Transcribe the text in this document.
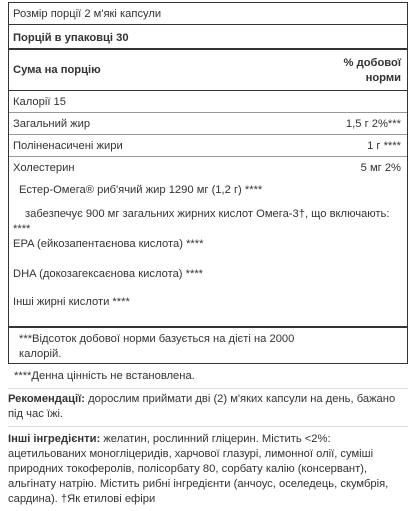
Розмір порції 2 м'які капсули
Порцій в упаковці 30
Сума на порцію
% добової
норми
Калорії 15
Загальний жир	1,5 г 2%***
Поліненасичені жири	1 г ****
Холестерин	5 мг 2%
Естер-Омега® риб'ячий жир 1290 мг (1,2 г) ****
забезпечує 900 мг загальних жирних кислот Омега-3†, що включають:
****
EPA (ейкозапентаєнова кислота) ****
DHA (докозагексаєнова кислота) ****
Інші жирні кислоти ****
***Відсоток добової норми базується на дієті на 2000
калорій.
****Денна цінність не встановлена.
Рекомендації: дорослим приймати дві (2) м'яких капсули на день, бажано під час їжі.
Інші інгредієнти: желатин, рослинний гліцерин. Містить <2%: ацетильованих моногліцеридів, харчової глазурі, лимонної олії, суміші природних токоферолів, полісорбату 80, сорбату калію (консервант), альгінату натрію. Містить рибні інгредієнти (анчоус, оселедець, скумбрія, сардина). †Як етилові ефіри
